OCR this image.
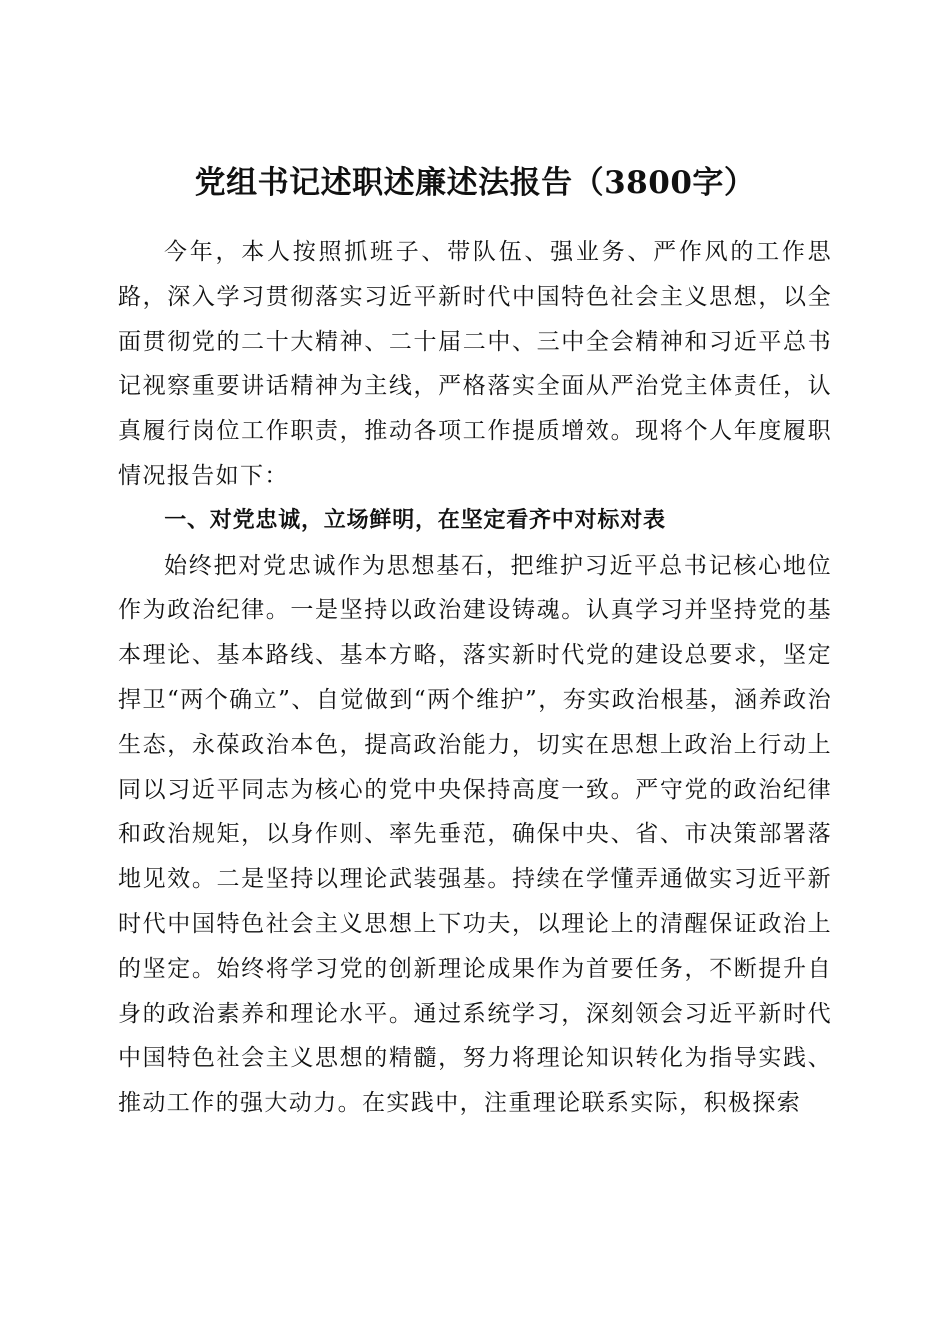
党组书记述职述廉述法报告（3800字）

今年，本人按照抓班子、带队伍、强业务、严作风的工作思路，深入学习贯彻落实习近平新时代中国特色社会主义思想，以全面贯彻党的二十大精神、二十届二中、三中全会精神和习近平总书记视察重要讲话精神为主线，严格落实全面从严治党主体责任，认真履行岗位工作职责，推动各项工作提质增效。现将个人年度履职情况报告如下：

一、对党忠诚，立场鲜明，在坚定看齐中对标对表

始终把对党忠诚作为思想基石，把维护习近平总书记核心地位作为政治纪律。一是坚持以政治建设铸魂。认真学习并坚持党的基本理论、基本路线、基本方略，落实新时代党的建设总要求，坚定捍卫“两个确立”、自觉做到“两个维护”，夯实政治根基，涵养政治生态，永葆政治本色，提高政治能力，切实在思想上政治上行动上同以习近平同志为核心的党中央保持高度一致。严守党的政治纪律和政治规矩，以身作则、率先垂范，确保中央、省、市决策部署落地见效。二是坚持以理论武装强基。持续在学懂弄通做实习近平新时代中国特色社会主义思想上下功夫，以理论上的清醒保证政治上的坚定。始终将学习党的创新理论成果作为首要任务，不断提升自身的政治素养和理论水平。通过系统学习，深刻领会习近平新时代中国特色社会主义思想的精髓，努力将理论知识转化为指导实践、推动工作的强大动力。在实践中，注重理论联系实际，积极探索
